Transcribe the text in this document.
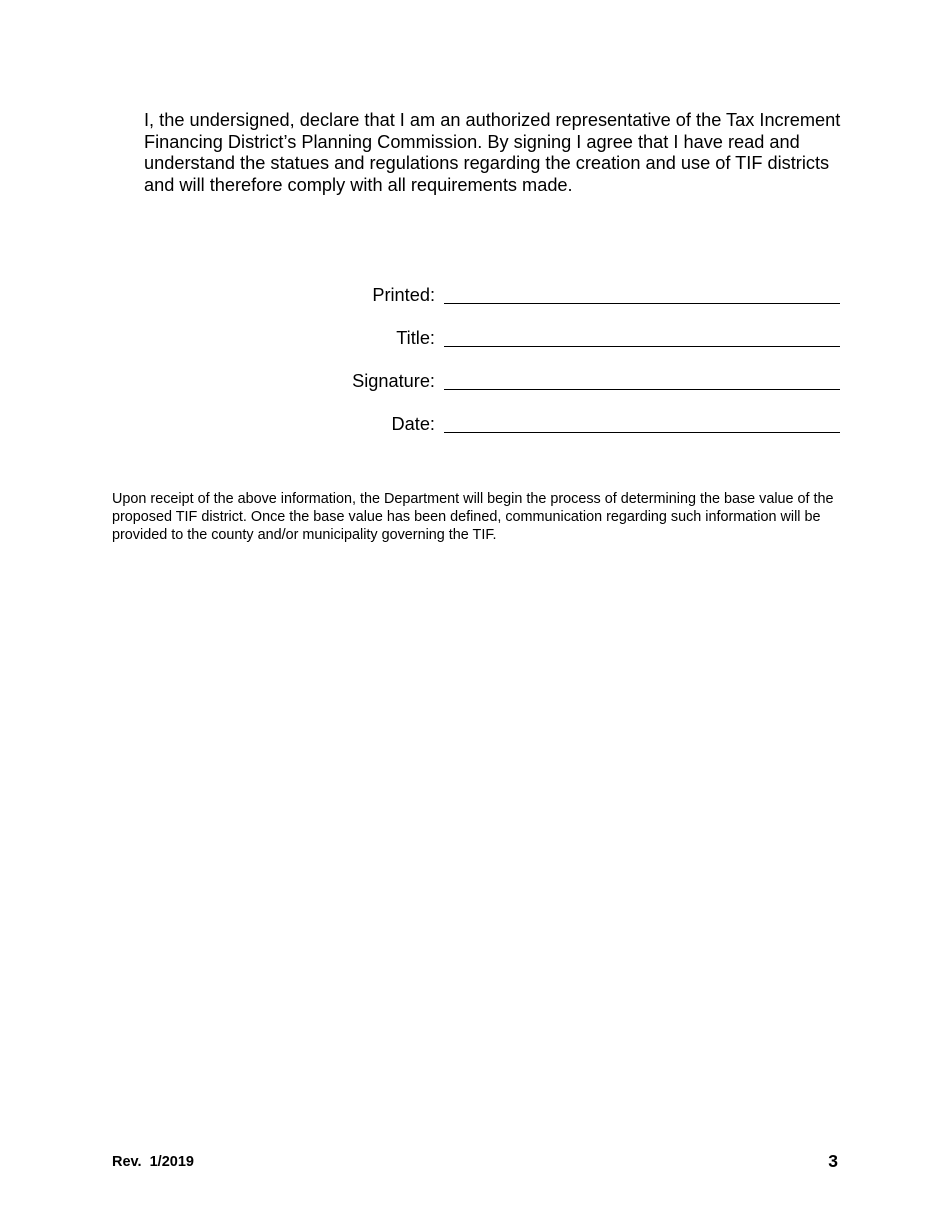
I, the undersigned, declare that I am an authorized representative of the Tax Increment Financing District’s Planning Commission. By signing I agree that I have read and understand the statues and regulations regarding the creation and use of TIF districts and will therefore comply with all requirements made.

Printed:
Title:
Signature:
Date:

Upon receipt of the above information, the Department will begin the process of determining the base value of the proposed TIF district. Once the base value has been defined, communication regarding such information will be provided to the county and/or municipality governing the TIF.

Rev.  1/2019	3
